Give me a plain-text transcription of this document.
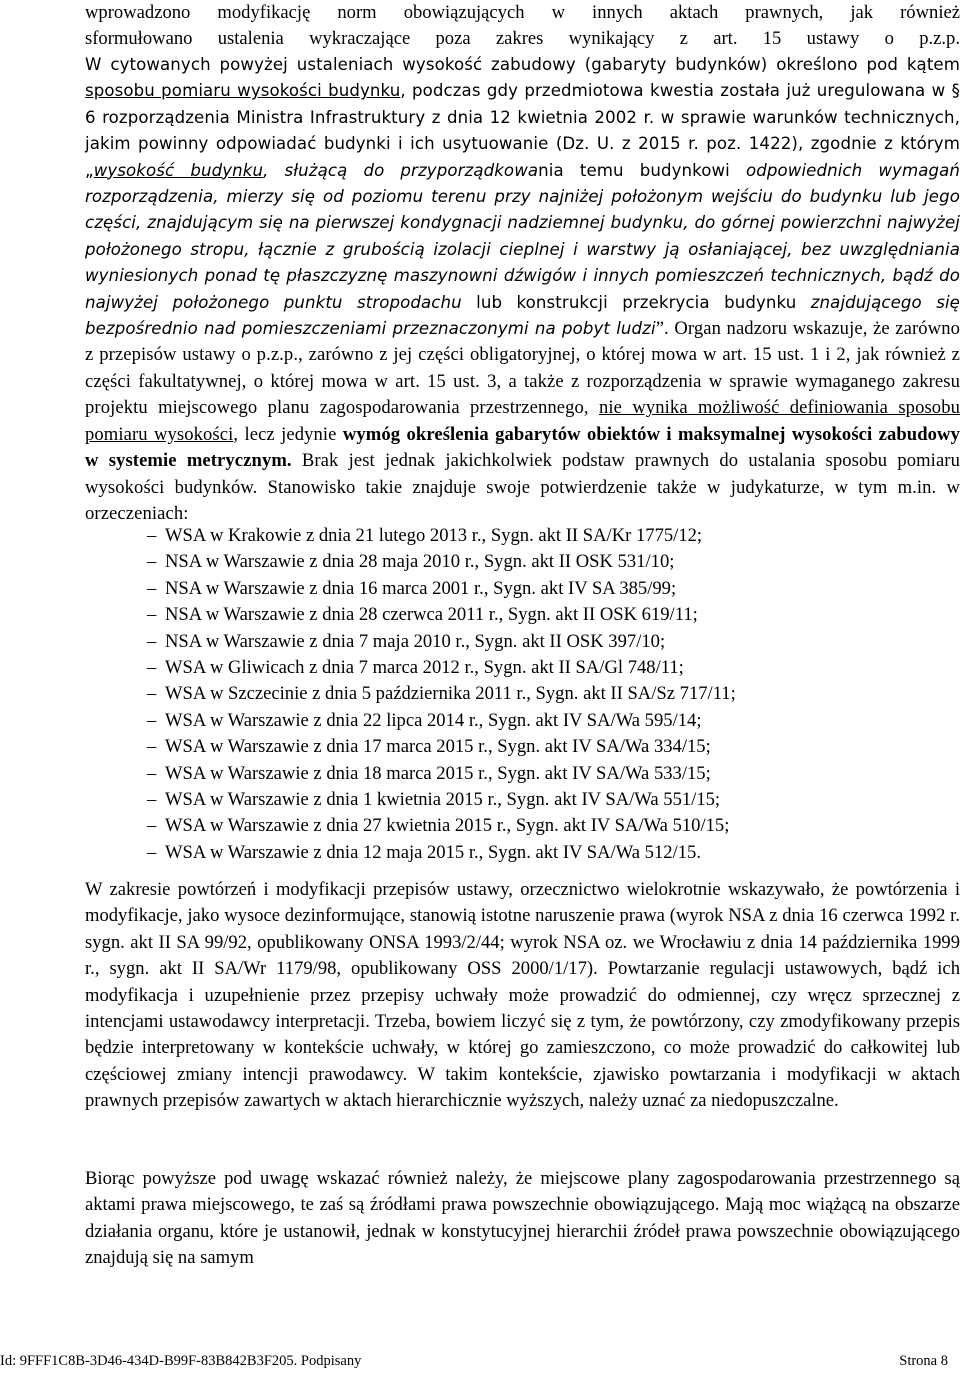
wprowadzono modyfikację norm obowiązujących w innych aktach prawnych, jak również
sformułowano ustalenia wykraczające poza zakres wynikający z art. 15 ustawy o p.z.p.

W cytowanych powyżej ustaleniach wysokość zabudowy (gabaryty budynków) określono pod kątem sposobu pomiaru wysokości budynku, podczas gdy przedmiotowa kwestia została już uregulowana w § 6 rozporządzenia Ministra Infrastruktury z dnia 12 kwietnia 2002 r. w sprawie warunków technicznych, jakim powinny odpowiadać budynki i ich usytuowanie (Dz. U. z 2015 r. poz. 1422), zgodnie z którym „wysokość budynku, służącą do przyporządkowania temu budynkowi odpowiednich wymagań rozporządzenia, mierzy się od poziomu terenu przy najniżej położonym wejściu do budynku lub jego części, znajdującym się na pierwszej kondygnacji nadziemnej budynku, do górnej powierzchni najwyżej położonego stropu, łącznie z grubością izolacji cieplnej i warstwy ją osłaniającej, bez uwzględniania wyniesionych ponad tę płaszczyznę maszynowni dźwigów i innych pomieszczeń technicznych, bądź do najwyżej położonego punktu stropodachu lub konstrukcji przekrycia budynku znajdującego się bezpośrednio nad pomieszczeniami przeznaczonymi na pobyt ludzi”. Organ nadzoru wskazuje, że zarówno z przepisów ustawy o p.z.p., zarówno z jej części obligatoryjnej, o której mowa w art. 15 ust. 1 i 2, jak również z części fakultatywnej, o której mowa w art. 15 ust. 3, a także z rozporządzenia w sprawie wymaganego zakresu projektu miejscowego planu zagospodarowania przestrzennego, nie wynika możliwość definiowania sposobu pomiaru wysokości, lecz jedynie wymóg określenia gabarytów obiektów i maksymalnej wysokości zabudowy w systemie metrycznym. Brak jest jednak jakichkolwiek podstaw prawnych do ustalania sposobu pomiaru wysokości budynków. Stanowisko takie znajduje swoje potwierdzenie także w judykaturze, w tym m.in. w orzeczeniach:

– WSA w Krakowie z dnia 21 lutego 2013 r., Sygn. akt II SA/Kr 1775/12;
– NSA w Warszawie z dnia 28 maja 2010 r., Sygn. akt II OSK 531/10;
– NSA w Warszawie z dnia 16 marca 2001 r., Sygn. akt IV SA 385/99;
– NSA w Warszawie z dnia 28 czerwca 2011 r., Sygn. akt II OSK 619/11;
– NSA w Warszawie z dnia 7 maja 2010 r., Sygn. akt II OSK 397/10;
– WSA w Gliwicach z dnia 7 marca 2012 r., Sygn. akt II SA/Gl 748/11;
– WSA w Szczecinie z dnia 5 października 2011 r., Sygn. akt II SA/Sz 717/11;
– WSA w Warszawie z dnia 22 lipca 2014 r., Sygn. akt IV SA/Wa 595/14;
– WSA w Warszawie z dnia 17 marca 2015 r., Sygn. akt IV SA/Wa 334/15;
– WSA w Warszawie z dnia 18 marca 2015 r., Sygn. akt IV SA/Wa 533/15;
– WSA w Warszawie z dnia 1 kwietnia 2015 r., Sygn. akt IV SA/Wa 551/15;
– WSA w Warszawie z dnia 27 kwietnia 2015 r., Sygn. akt IV SA/Wa 510/15;
– WSA w Warszawie z dnia 12 maja 2015 r., Sygn. akt IV SA/Wa 512/15.

W zakresie powtórzeń i modyfikacji przepisów ustawy, orzecznictwo wielokrotnie wskazywało, że powtórzenia i modyfikacje, jako wysoce dezinformujące, stanowią istotne naruszenie prawa (wyrok NSA z dnia 16 czerwca 1992 r. sygn. akt II SA 99/92, opublikowany ONSA 1993/2/44; wyrok NSA oz. we Wrocławiu z dnia 14 października 1999 r., sygn. akt II SA/Wr 1179/98, opublikowany OSS 2000/1/17). Powtarzanie regulacji ustawowych, bądź ich modyfikacja i uzupełnienie przez przepisy uchwały może prowadzić do odmiennej, czy wręcz sprzecznej z intencjami ustawodawcy interpretacji. Trzeba, bowiem liczyć się z tym, że powtórzony, czy zmodyfikowany przepis będzie interpretowany w kontekście uchwały, w której go zamieszczono, co może prowadzić do całkowitej lub częściowej zmiany intencji prawodawcy. W takim kontekście, zjawisko powtarzania i modyfikacji w aktach prawnych przepisów zawartych w aktach hierarchicznie wyższych, należy uznać za niedopuszczalne.

Biorąc powyższe pod uwagę wskazać również należy, że miejscowe plany zagospodarowania przestrzennego są aktami prawa miejscowego, te zaś są źródłami prawa powszechnie obowiązującego. Mają moc wiążącą na obszarze działania organu, które je ustanowił, jednak w konstytucyjnej hierarchii źródeł prawa powszechnie obowiązującego znajdują się na samym

Id: 9FFF1C8B-3D46-434D-B99F-83B842B3F205. Podpisany	Strona 8
